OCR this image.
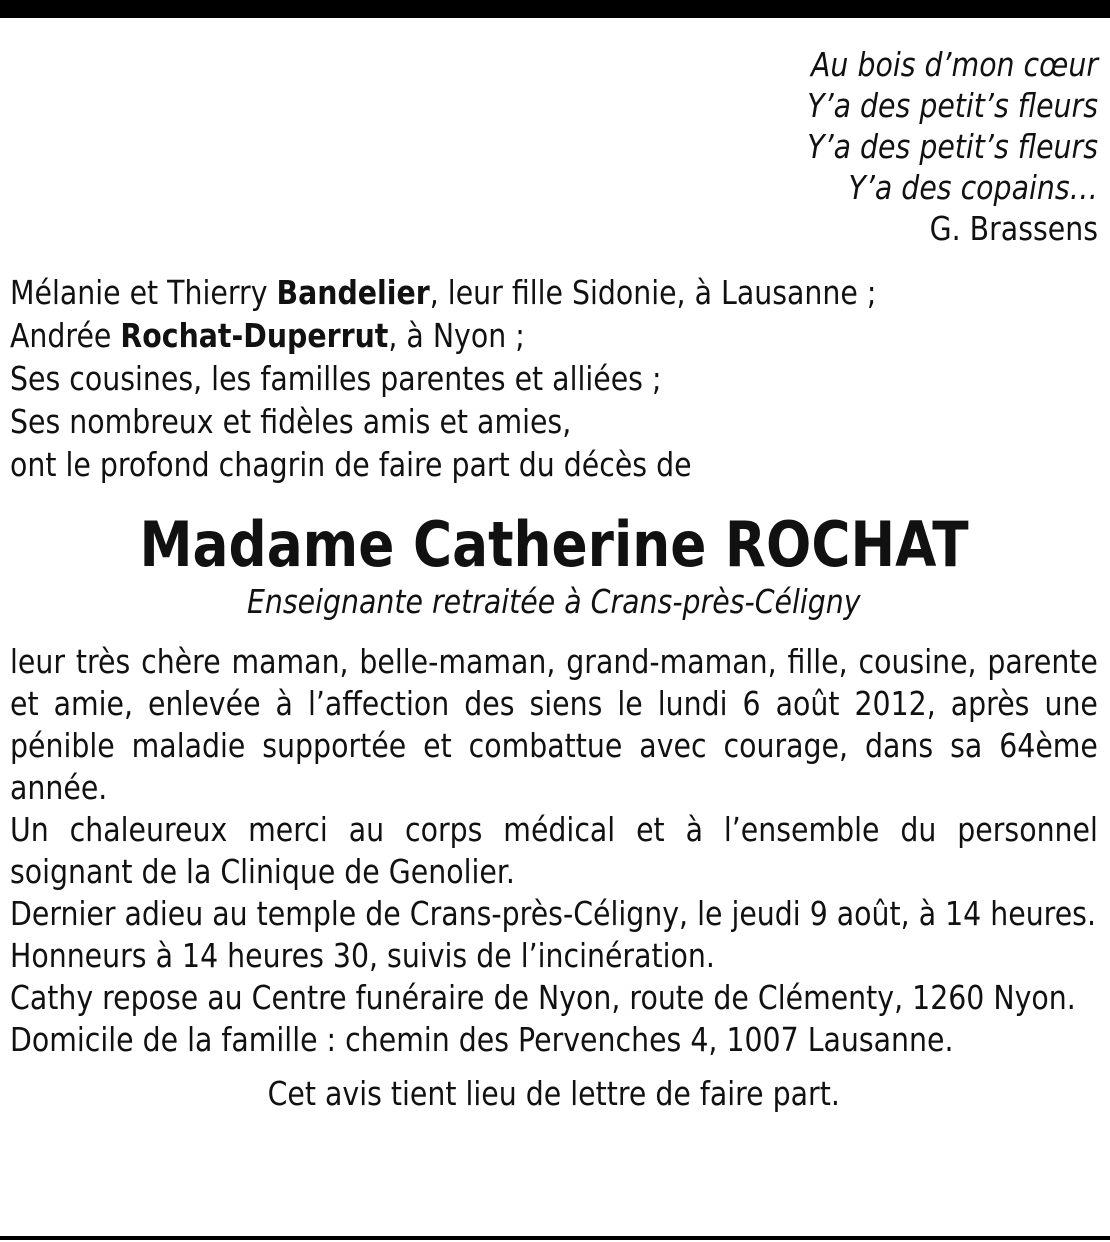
Au bois d’mon cœur
Y’a des petit’s fleurs
Y’a des petit’s fleurs
Y’a des copains…
G. Brassens
Mélanie et Thierry Bandelier, leur fille Sidonie, à Lausanne ;
Andrée Rochat-Duperrut, à Nyon ;
Ses cousines, les familles parentes et alliées ;
Ses nombreux et fidèles amis et amies,
ont le profond chagrin de faire part du décès de
Madame Catherine ROCHAT
Enseignante retraitée à Crans-près-Céligny

leur très chère maman, belle-maman, grand-maman, fille, cousine, parente et amie, enlevée à l’affection des siens le lundi 6 août 2012, après une pénible maladie supportée et combattue avec courage, dans sa 64ème année.

Un chaleureux merci au corps médical et à l’ensemble du personnel soignant de la Clinique de Genolier.

Dernier adieu au temple de Crans-près-Céligny, le jeudi 9 août, à 14 heures.

Honneurs à 14 heures 30, suivis de l’incinération.

Cathy repose au Centre funéraire de Nyon, route de Clémenty, 1260 Nyon.

Domicile de la famille : chemin des Pervenches 4, 1007 Lausanne.

Cet avis tient lieu de lettre de faire part.
